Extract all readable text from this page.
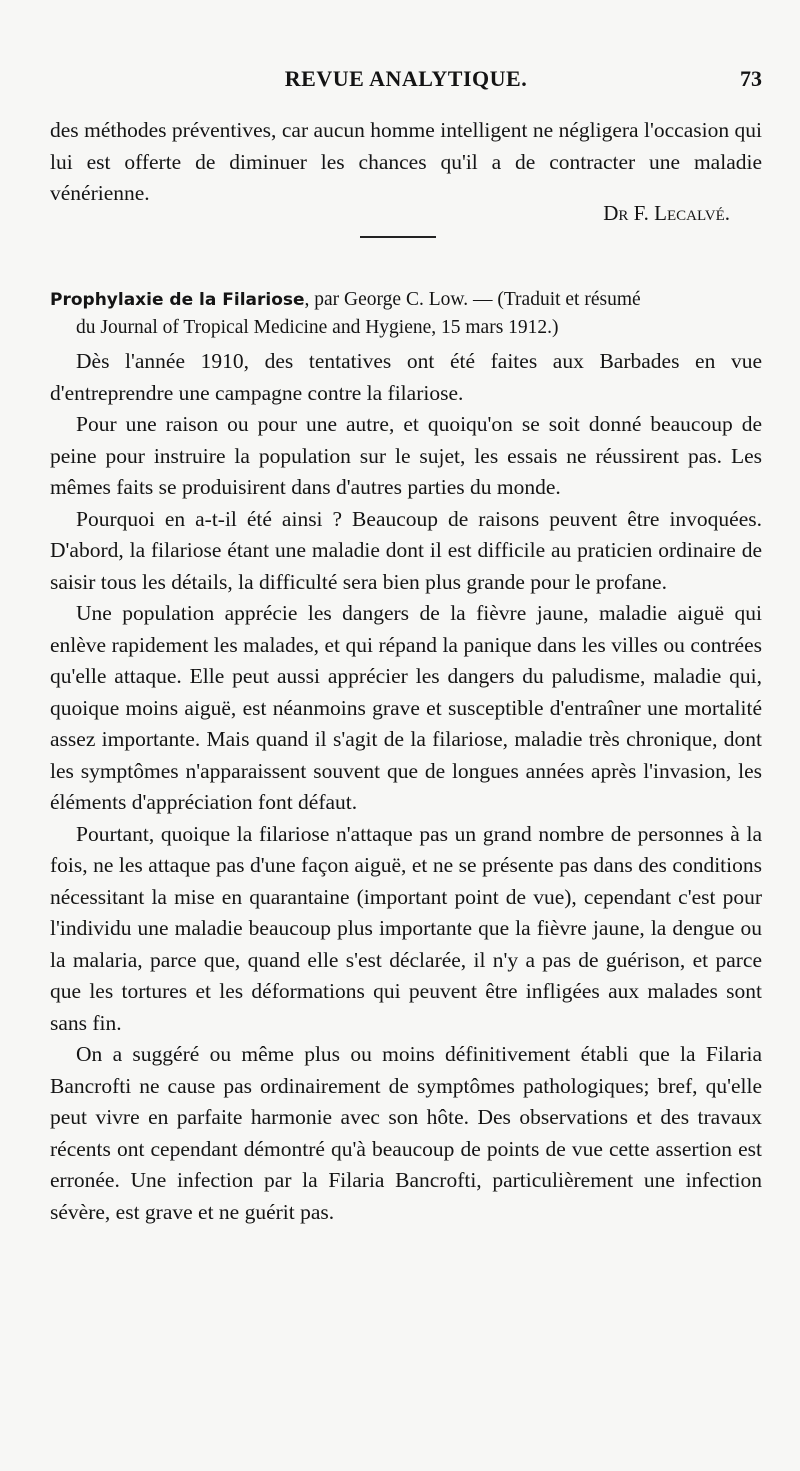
REVUE ANALYTIQUE.	73

des méthodes préventives, car aucun homme intelligent ne négligera l'occasion qui lui est offerte de diminuer les chances qu'il a de contracter une maladie vénérienne.

Dr F. Lecalvé.
Prophylaxie de la Filariose, par George C. Low. — (Traduit et résumé
du Journal of Tropical Medicine and Hygiene, 15 mars 1912.)

Dès l'année 1910, des tentatives ont été faites aux Barbades en vue d'entreprendre une campagne contre la filariose.

Pour une raison ou pour une autre, et quoiqu'on se soit donné beaucoup de peine pour instruire la population sur le sujet, les essais ne réussirent pas. Les mêmes faits se produisirent dans d'autres parties du monde.

Pourquoi en a-t-il été ainsi ? Beaucoup de raisons peuvent être invoquées. D'abord, la filariose étant une maladie dont il est difficile au praticien ordinaire de saisir tous les détails, la difficulté sera bien plus grande pour le profane.

Une population apprécie les dangers de la fièvre jaune, maladie aiguë qui enlève rapidement les malades, et qui répand la panique dans les villes ou contrées qu'elle attaque. Elle peut aussi apprécier les dangers du paludisme, maladie qui, quoique moins aiguë, est néanmoins grave et susceptible d'entraîner une mortalité assez importante. Mais quand il s'agit de la filariose, maladie très chronique, dont les symptômes n'apparaissent souvent que de longues années après l'invasion, les éléments d'appréciation font défaut.

Pourtant, quoique la filariose n'attaque pas un grand nombre de personnes à la fois, ne les attaque pas d'une façon aiguë, et ne se présente pas dans des conditions nécessitant la mise en quarantaine (important point de vue), cependant c'est pour l'individu une maladie beaucoup plus importante que la fièvre jaune, la dengue ou la malaria, parce que, quand elle s'est déclarée, il n'y a pas de guérison, et parce que les tortures et les déformations qui peuvent être infligées aux malades sont sans fin.

On a suggéré ou même plus ou moins définitivement établi que la Filaria Bancrofti ne cause pas ordinairement de symptômes pathologiques; bref, qu'elle peut vivre en parfaite harmonie avec son hôte. Des observations et des travaux récents ont cependant démontré qu'à beaucoup de points de vue cette assertion est erronée. Une infection par la Filaria Bancrofti, particulièrement une infection sévère, est grave et ne guérit pas.
